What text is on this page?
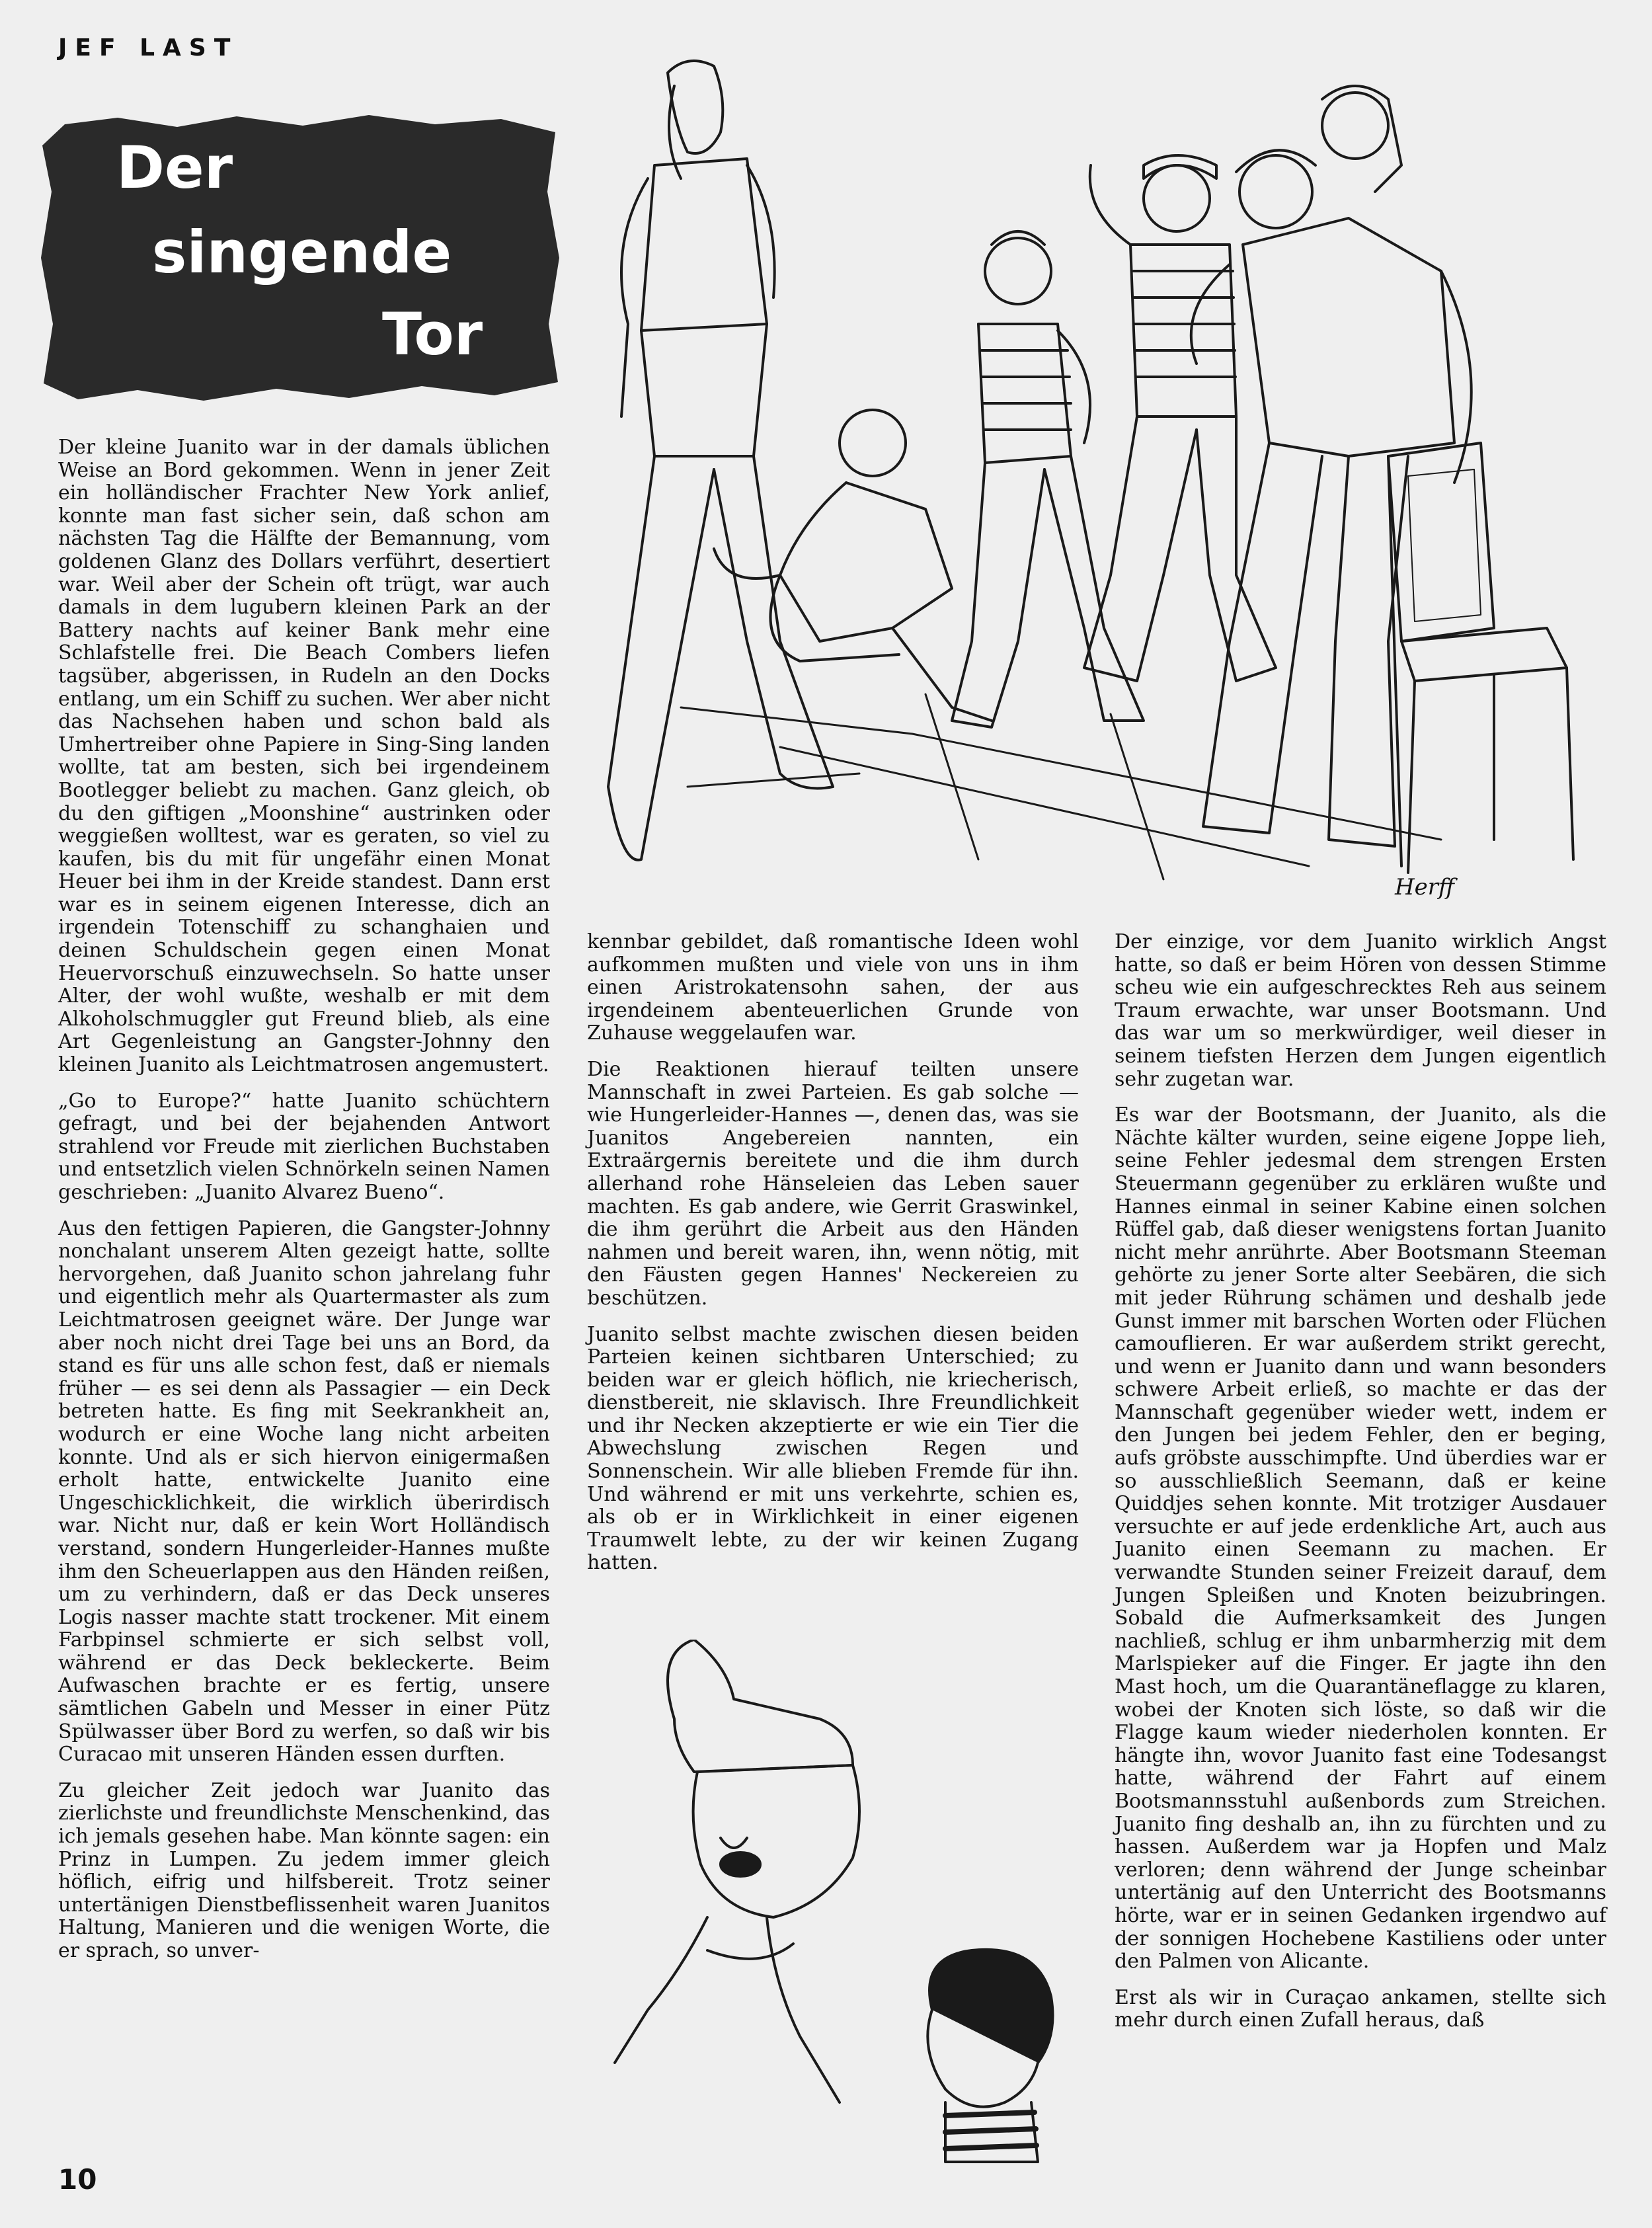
JEF LAST
Der
singende
Tor
Herff

Der kleine Juanito war in der damals üblichen Weise an Bord gekommen. Wenn in jener Zeit ein holländischer Frachter New York anlief, konnte man fast sicher sein, daß schon am nächsten Tag die Hälfte der Bemannung, vom goldenen Glanz des Dollars verführt, desertiert war. Weil aber der Schein oft trügt, war auch damals in dem lugubern kleinen Park an der Battery nachts auf keiner Bank mehr eine Schlafstelle frei. Die Beach Combers liefen tagsüber, abgerissen, in Rudeln an den Docks entlang, um ein Schiff zu suchen. Wer aber nicht das Nachsehen haben und schon bald als Umhertreiber ohne Papiere in Sing-Sing landen wollte, tat am besten, sich bei irgendeinem Bootlegger beliebt zu machen. Ganz gleich, ob du den giftigen „Moonshine“ austrinken oder weggießen wolltest, war es geraten, so viel zu kaufen, bis du mit für ungefähr einen Monat Heuer bei ihm in der Kreide standest. Dann erst war es in seinem eigenen Interesse, dich an irgendein Totenschiff zu schanghaien und deinen Schuldschein gegen einen Monat Heuervorschuß einzuwechseln. So hatte unser Alter, der wohl wußte, weshalb er mit dem Alkoholschmuggler gut Freund blieb, als eine Art Gegenleistung an Gangster-Johnny den kleinen Juanito als Leichtmatrosen angemustert.

„Go to Europe?“ hatte Juanito schüchtern gefragt, und bei der bejahenden Antwort strahlend vor Freude mit zierlichen Buchstaben und entsetzlich vielen Schnörkeln seinen Namen geschrieben: „Juanito Alvarez Bueno“.

Aus den fettigen Papieren, die Gangster-Johnny nonchalant unserem Alten gezeigt hatte, sollte hervorgehen, daß Juanito schon jahrelang fuhr und eigentlich mehr als Quartermaster als zum Leichtmatrosen geeignet wäre. Der Junge war aber noch nicht drei Tage bei uns an Bord, da stand es für uns alle schon fest, daß er niemals früher — es sei denn als Passagier — ein Deck betreten hatte. Es fing mit Seekrankheit an, wodurch er eine Woche lang nicht arbeiten konnte. Und als er sich hiervon einigermaßen erholt hatte, entwickelte Juanito eine Ungeschicklichkeit, die wirklich überirdisch war. Nicht nur, daß er kein Wort Holländisch verstand, sondern Hungerleider-Hannes mußte ihm den Scheuerlappen aus den Händen reißen, um zu verhindern, daß er das Deck unseres Logis nasser machte statt trockener. Mit einem Farbpinsel schmierte er sich selbst voll, während er das Deck bekleckerte. Beim Aufwaschen brachte er es fertig, unsere sämtlichen Gabeln und Messer in einer Pütz Spülwasser über Bord zu werfen, so daß wir bis Curacao mit unseren Händen essen durften.

Zu gleicher Zeit jedoch war Juanito das zierlichste und freundlichste Menschenkind, das ich jemals gesehen habe. Man könnte sagen: ein Prinz in Lumpen. Zu jedem immer gleich höflich, eifrig und hilfsbereit. Trotz seiner untertänigen Dienstbeflissenheit waren Juanitos Haltung, Manieren und die wenigen Worte, die er sprach, so unver-

kennbar gebildet, daß romantische Ideen wohl aufkommen mußten und viele von uns in ihm einen Aristrokatensohn sahen, der aus irgendeinem abenteuerlichen Grunde von Zuhause weggelaufen war.

Die Reaktionen hierauf teilten unsere Mannschaft in zwei Parteien. Es gab solche — wie Hungerleider-Hannes —, denen das, was sie Juanitos Angebereien nannten, ein Extraärgernis bereitete und die ihm durch allerhand rohe Hänseleien das Leben sauer machten. Es gab andere, wie Gerrit Graswinkel, die ihm gerührt die Arbeit aus den Händen nahmen und bereit waren, ihn, wenn nötig, mit den Fäusten gegen Hannes' Neckereien zu beschützen.

Juanito selbst machte zwischen diesen beiden Parteien keinen sichtbaren Unterschied; zu beiden war er gleich höflich, nie kriecherisch, dienstbereit, nie sklavisch. Ihre Freundlichkeit und ihr Necken akzeptierte er wie ein Tier die Abwechslung zwischen Regen und Sonnenschein. Wir alle blieben Fremde für ihn. Und während er mit uns verkehrte, schien es, als ob er in Wirklichkeit in einer eigenen Traumwelt lebte, zu der wir keinen Zugang hatten.

Der einzige, vor dem Juanito wirklich Angst hatte, so daß er beim Hören von dessen Stimme scheu wie ein aufgeschrecktes Reh aus seinem Traum erwachte, war unser Bootsmann. Und das war um so merkwürdiger, weil dieser in seinem tiefsten Herzen dem Jungen eigentlich sehr zugetan war.

Es war der Bootsmann, der Juanito, als die Nächte kälter wurden, seine eigene Joppe lieh, seine Fehler jedesmal dem strengen Ersten Steuermann gegenüber zu erklären wußte und Hannes einmal in seiner Kabine einen solchen Rüffel gab, daß dieser wenigstens fortan Juanito nicht mehr anrührte. Aber Bootsmann Steeman gehörte zu jener Sorte alter Seebären, die sich mit jeder Rührung schämen und deshalb jede Gunst immer mit barschen Worten oder Flüchen camouflieren. Er war außerdem strikt gerecht, und wenn er Juanito dann und wann besonders schwere Arbeit erließ, so machte er das der Mannschaft gegenüber wieder wett, indem er den Jungen bei jedem Fehler, den er beging, aufs gröbste ausschimpfte. Und überdies war er so ausschließlich Seemann, daß er keine Quiddjes sehen konnte. Mit trotziger Ausdauer versuchte er auf jede erdenkliche Art, auch aus Juanito einen Seemann zu machen. Er verwandte Stunden seiner Freizeit darauf, dem Jungen Spleißen und Knoten beizubringen. Sobald die Aufmerksamkeit des Jungen nachließ, schlug er ihm unbarmherzig mit dem Marlspieker auf die Finger. Er jagte ihn den Mast hoch, um die Quarantäneflagge zu klaren, wobei der Knoten sich löste, so daß wir die Flagge kaum wieder niederholen konnten. Er hängte ihn, wovor Juanito fast eine Todesangst hatte, während der Fahrt auf einem Bootsmannsstuhl außenbords zum Streichen. Juanito fing deshalb an, ihn zu fürchten und zu hassen. Außerdem war ja Hopfen und Malz verloren; denn während der Junge scheinbar untertänig auf den Unterricht des Bootsmanns hörte, war er in seinen Gedanken irgendwo auf der sonnigen Hochebene Kastiliens oder unter den Palmen von Alicante.

Erst als wir in Curaçao ankamen, stellte sich mehr durch einen Zufall heraus, daß

10
